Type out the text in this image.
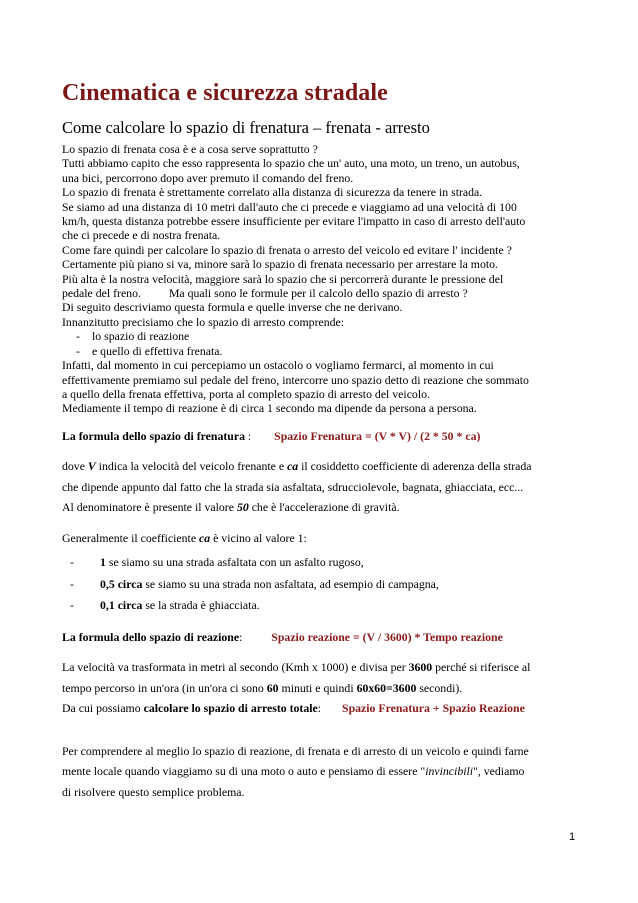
Cinematica e sicurezza stradale
Come calcolare lo spazio di frenatura – frenata - arresto

Lo spazio di frenata cosa è e a cosa serve soprattutto ?

Tutti abbiamo capito che esso rappresenta lo spazio che un' auto, una moto, un treno, un autobus,

una bici, percorrono dopo aver premuto il comando del freno.

Lo spazio di frenata è strettamente correlato alla distanza di sicurezza da tenere in strada.

Se siamo ad una distanza di 10 metri dall'auto che ci precede e viaggiamo ad una velocità di 100

km/h, questa distanza potrebbe essere insufficiente per evitare l'impatto in caso di arresto dell'auto

che ci precede e di nostra frenata.

Come fare quindi per calcolare lo spazio di frenata o arresto del veicolo ed evitare l' incidente ?

Certamente più piano si va, minore sarà lo spazio di frenata necessario per arrestare la moto.

Più alta è la nostra velocità, maggiore sarà lo spazio che si percorrerà durante le pressione del

pedale del freno. Ma quali sono le formule per il calcolo dello spazio di arresto ?

Di seguito descriviamo questa formula e quelle inverse che ne derivano.

Innanzitutto precisiamo che lo spazio di arresto comprende:

- lo spazio di reazione
- e quello di effettiva frenata.

Infatti, dal momento in cui percepiamo un ostacolo o vogliamo fermarci, al momento in cui

effettivamente premiamo sul pedale del freno, intercorre uno spazio detto di reazione che sommato

a quello della frenata effettiva, porta al completo spazio di arresto del veicolo.

Mediamente il tempo di reazione è di circa 1 secondo ma dipende da persona a persona.

La formula dello spazio di frenatura : Spazio Frenatura = (V * V) / (2 * 50 * ca)

dove V indica la velocità del veicolo frenante e ca il cosiddetto coefficiente di aderenza della strada

che dipende appunto dal fatto che la strada sia asfaltata, sdrucciolevole, bagnata, ghiacciata, ecc...

Al denominatore è presente il valore 50 che è l'accelerazione di gravità.

Generalmente il coefficiente ca è vicino al valore 1:

- 1 se siamo su una strada asfaltata con un asfalto rugoso,
- 0,5 circa se siamo su una strada non asfaltata, ad esempio di campagna,
- 0,1 circa se la strada è ghiacciata.

La formula dello spazio di reazione: Spazio reazione = (V / 3600) * Tempo reazione

La velocità va trasformata in metri al secondo (Kmh x 1000) e divisa per 3600 perché si riferisce al

tempo percorso in un'ora (in un'ora ci sono 60 minuti e quindi 60x60=3600 secondi).

Da cui possiamo calcolare lo spazio di arresto totale: Spazio Frenatura + Spazio Reazione

Per comprendere al meglio lo spazio di reazione, di frenata e di arresto di un veicolo e quindi farne

mente locale quando viaggiamo su di una moto o auto e pensiamo di essere "invincibili", vediamo

di risolvere questo semplice problema.

1
